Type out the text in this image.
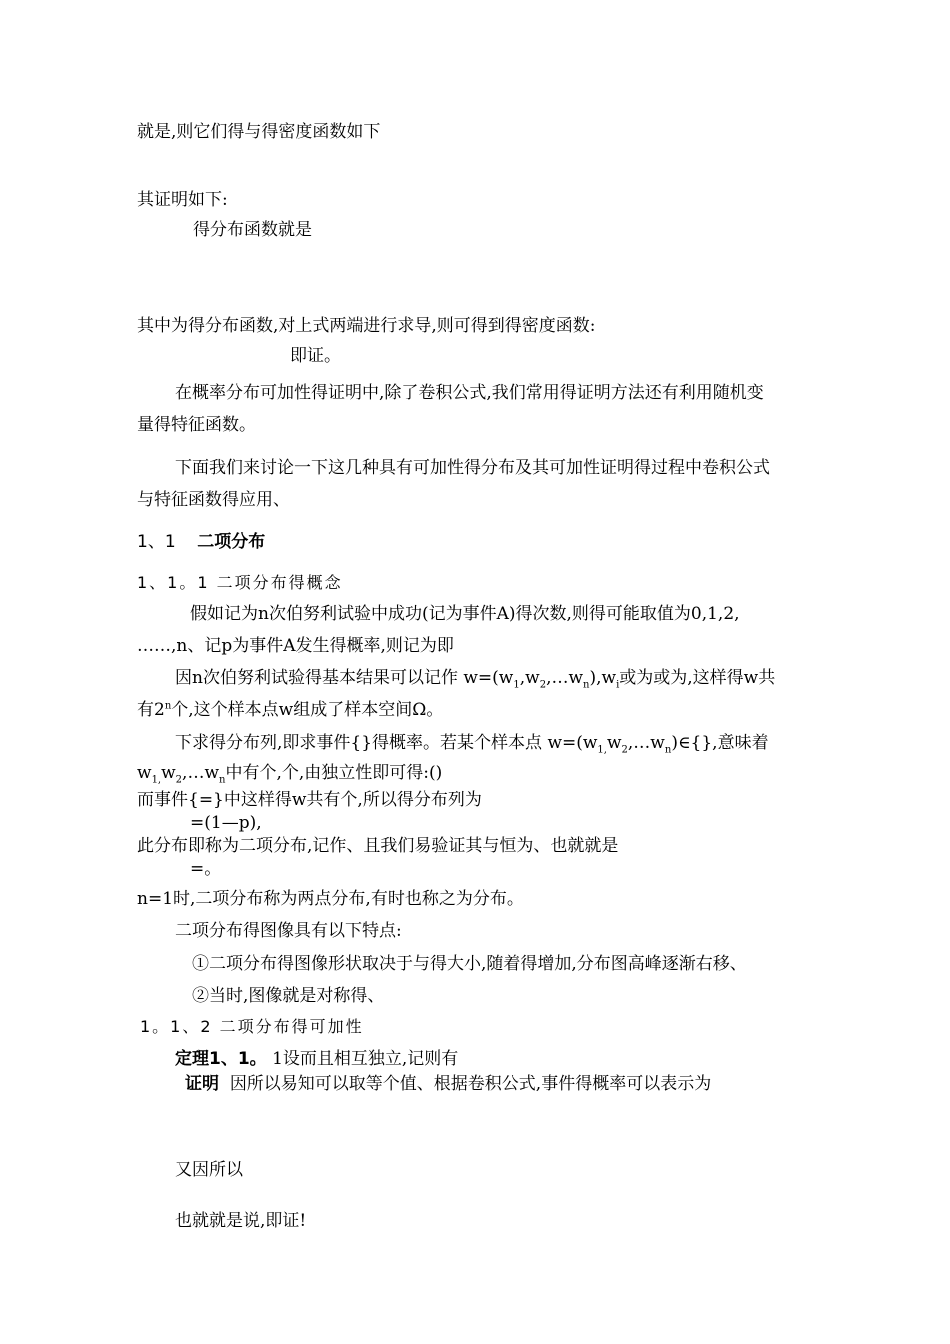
就是,则它们得与得密度函数如下
其证明如下:
得分布函数就是
其中为得分布函数,对上式两端进行求导,则可得到得密度函数:
即证。
在概率分布可加性得证明中,除了卷积公式,我们常用得证明方法还有利用随机变
量得特征函数。
下面我们来讨论一下这几种具有可加性得分布及其可加性证明得过程中卷积公式
与特征函数得应用、
1、1 二项分布
1、1。1 二项分布得概念
假如记为n次伯努利试验中成功(记为事件A)得次数,则得可能取值为0,1,2,
……,n、记p为事件A发生得概率,则记为即
因n次伯努利试验得基本结果可以记作 $w=(w_1,w_2,\dots w_n),w_i$或为或为,这样得w共
有2$^n$个,这个样本点w组成了样本空间Ω。
下求得分布列,即求事件{}得概率。若某个样本点 $w=(w_{1,}w_2,\dots w_n)\in\{\}$,意味着
$w_{1,}w_2,\dots w_n$中有个,个,由独立性即可得:()
而事件{=}中这样得w共有个,所以得分布列为
=(1—p),
此分布即称为二项分布,记作、且我们易验证其与恒为、也就就是
=。
n=1时,二项分布称为两点分布,有时也称之为分布。
二项分布得图像具有以下特点:
①二项分布得图像形状取决于与得大小,随着得增加,分布图高峰逐渐右移、
②当时,图像就是对称得、
1。1、2 二项分布得可加性
定理1、1。 1设而且相互独立,记则有
证明 因所以易知可以取等个值、根据卷积公式,事件得概率可以表示为
又因所以
也就就是说,即证!
